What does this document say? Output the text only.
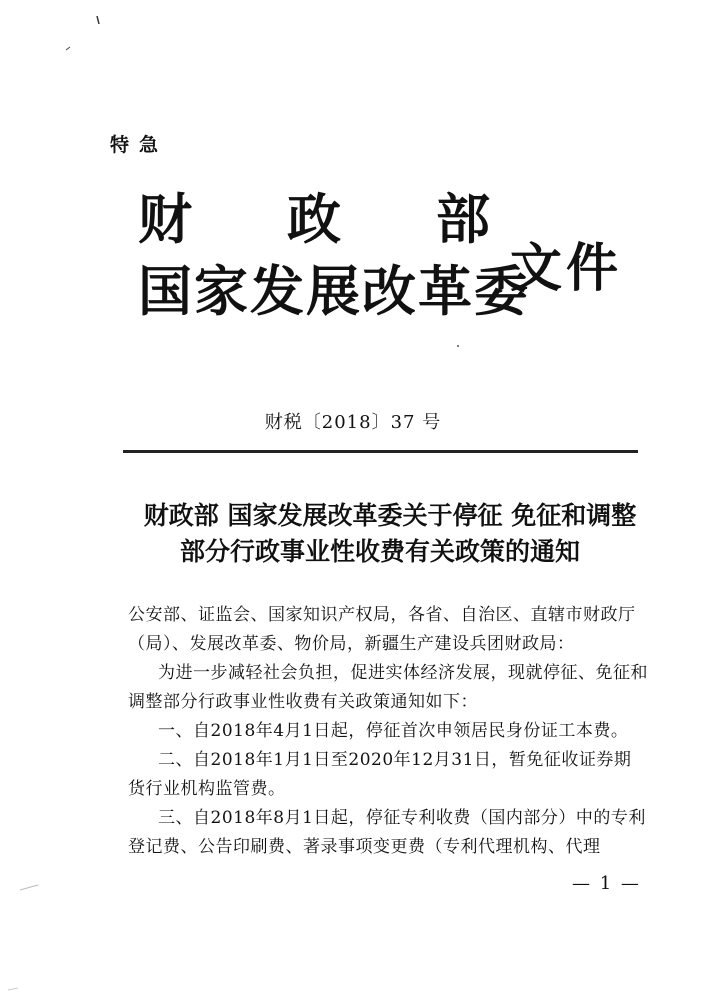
特急
财政部
国家发展改革委
文件
财税〔2018〕37 号
财政部 国家发展改革委关于停征 免征和调整
部分行政事业性收费有关政策的通知
公安部、证监会、国家知识产权局，各省、自治区、直辖市财政厅（局）、发展改革委、物价局，新疆生产建设兵团财政局：
为进一步减轻社会负担，促进实体经济发展，现就停征、免征和调整部分行政事业性收费有关政策通知如下：
一、自2018年4月1日起，停征首次申领居民身份证工本费。
二、自2018年1月1日至2020年12月31日，暂免征收证券期货行业机构监管费。
三、自2018年8月1日起，停征专利收费（国内部分）中的专利登记费、公告印刷费、著录事项变更费（专利代理机构、代理
— 1 —
